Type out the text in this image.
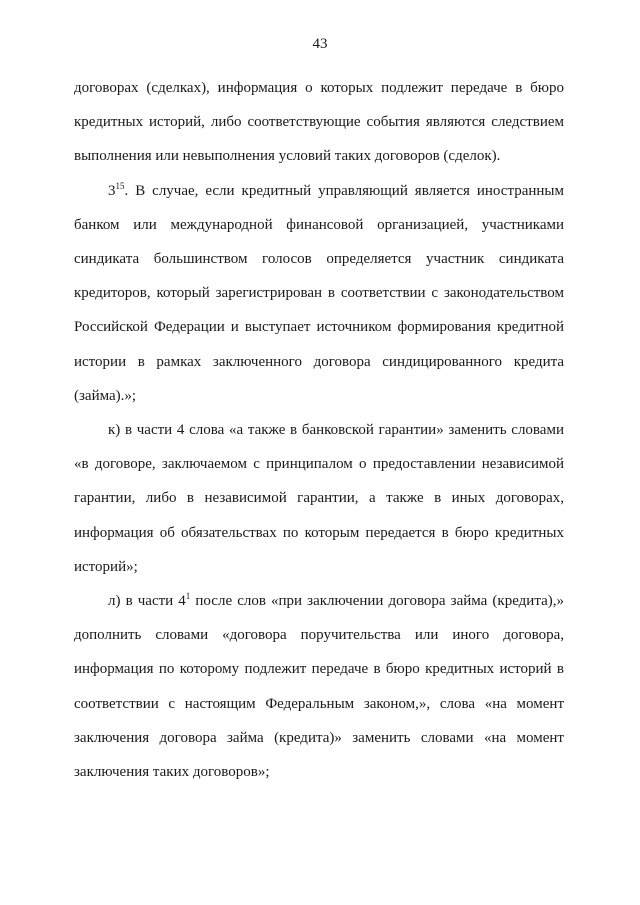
43

договорах (сделках), информация о которых подлежит передаче в бюро кредитных историй, либо соответствующие события являются следствием выполнения или невыполнения условий таких договоров (сделок).

$3^{15}$. В случае, если кредитный управляющий является иностранным банком или международной финансовой организацией, участниками синдиката большинством голосов определяется участник синдиката кредиторов, который зарегистрирован в соответствии с законодательством Российской Федерации и выступает источником формирования кредитной истории в рамках заключенного договора синдицированного кредита (займа).»;

к) в части 4 слова «а также в банковской гарантии» заменить словами «в договоре, заключаемом с принципалом о предоставлении независимой гарантии, либо в независимой гарантии, а также в иных договорах, информация об обязательствах по которым передается в бюро кредитных историй»;

л) в части $4^1$ после слов «при заключении договора займа (кредита),» дополнить словами «договора поручительства или иного договора, информация по которому подлежит передаче в бюро кредитных историй в соответствии с настоящим Федеральным законом,», слова «на момент заключения договора займа (кредита)» заменить словами «на момент заключения таких договоров»;
